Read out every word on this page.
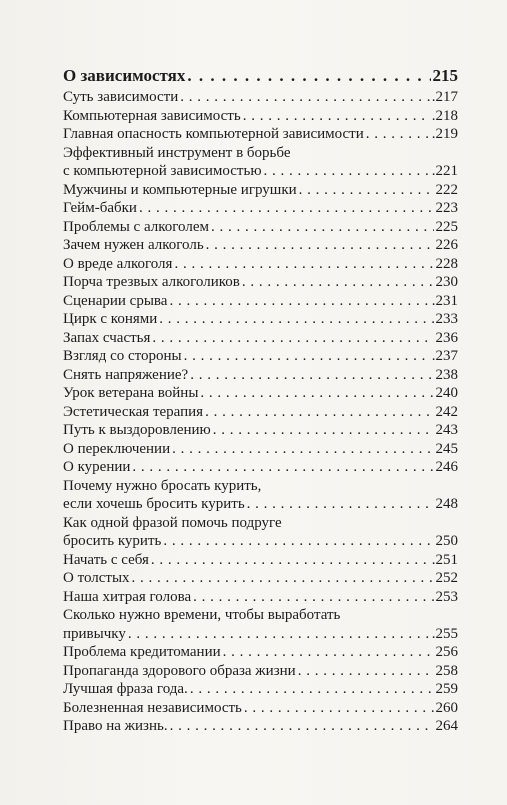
О зависимостях . . .	215
Суть зависимости . . .	.217
Компьютерная зависимость . . .	.218
Главная опасность компьютерной зависимости . . .	.219
Эффективный инструмент в борьбе
с компьютерной зависимостью . . .	.221
Мужчины и компьютерные игрушки . . .	222
Гейм-бабки . . .	223
Проблемы с алкоголем . . .	225
Зачем нужен алкоголь . . .	226
О вреде алкоголя . . .	228
Порча трезвых алкоголиков . . .	230
Сценарии срыва . . .	.231
Цирк с конями . . .	233
Запах счастья . . .	236
Взгляд со стороны . . .	.237
Снять напряжение? . . .	238
Урок ветерана войны . . .	240
Эстетическая терапия . . .	242
Путь к выздоровлению . . .	243
О переключении . . .	245
О курении . . .	246
Почему нужно бросать курить,
если хочешь бросить курить . . .	248
Как одной фразой помочь подруге
бросить курить . . .	250
Начать с себя . . .	.251
О толстых . . .	252
Наша хитрая голова . . .	253
Сколько нужно времени, чтобы выработать
привычку . . .	.255
Проблема кредитомании . . .	256
Пропаганда здорового образа жизни . . .	258
Лучшая фраза года. . . .	259
Болезненная независимость . . .	260
Право на жизнь. . . .	264
